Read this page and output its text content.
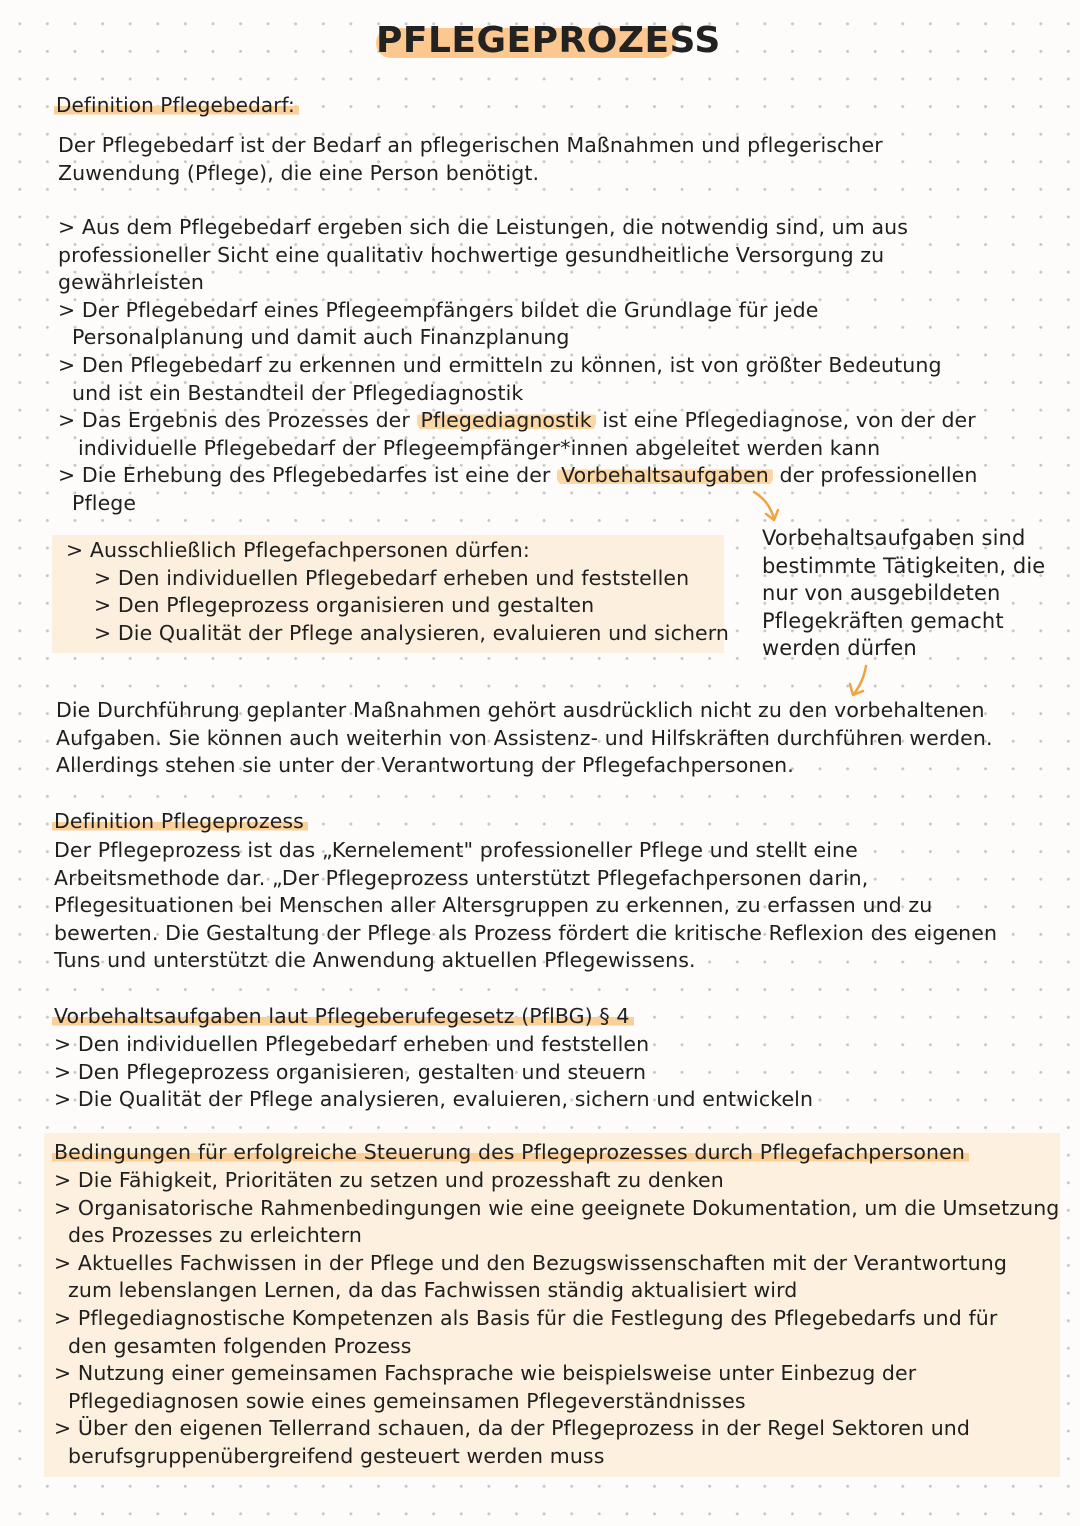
PFLEGEPROZESS
Definition Pflegebedarf:
Der Pflegebedarf ist der Bedarf an pflegerischen Maßnahmen und pflegerischer
Zuwendung (Pflege), die eine Person benötigt.
> Aus dem Pflegebedarf ergeben sich die Leistungen, die notwendig sind, um aus
professioneller Sicht eine qualitativ hochwertige gesundheitliche Versorgung zu
gewährleisten
> Der Pflegebedarf eines Pflegeempfängers bildet die Grundlage für jede
Personalplanung und damit auch Finanzplanung
> Den Pflegebedarf zu erkennen und ermitteln zu können, ist von größter Bedeutung
und ist ein Bestandteil der Pflegediagnostik
> Das Ergebnis des Prozesses der Pflegediagnostik ist eine Pflegediagnose, von der der
individuelle Pflegebedarf der Pflegeempfänger*innen abgeleitet werden kann
> Die Erhebung des Pflegebedarfes ist eine der Vorbehaltsaufgaben der professionellen
Pflege
> Ausschließlich Pflegefachpersonen dürfen:
> Den individuellen Pflegebedarf erheben und feststellen
> Den Pflegeprozess organisieren und gestalten
> Die Qualität der Pflege analysieren, evaluieren und sichern
Vorbehaltsaufgaben sind
bestimmte Tätigkeiten, die
nur von ausgebildeten
Pflegekräften gemacht
werden dürfen
Die Durchführung geplanter Maßnahmen gehört ausdrücklich nicht zu den vorbehaltenen
Aufgaben. Sie können auch weiterhin von Assistenz- und Hilfskräften durchführen werden.
Allerdings stehen sie unter der Verantwortung der Pflegefachpersonen.
Definition Pflegeprozess
Der Pflegeprozess ist das „Kernelement" professioneller Pflege und stellt eine
Arbeitsmethode dar. „Der Pflegeprozess unterstützt Pflegefachpersonen darin,
Pflegesituationen bei Menschen aller Altersgruppen zu erkennen, zu erfassen und zu
bewerten. Die Gestaltung der Pflege als Prozess fördert die kritische Reflexion des eigenen
Tuns und unterstützt die Anwendung aktuellen Pflegewissens.
Vorbehaltsaufgaben laut Pflegeberufegesetz (PflBG) § 4
> Den individuellen Pflegebedarf erheben und feststellen
> Den Pflegeprozess organisieren, gestalten und steuern
> Die Qualität der Pflege analysieren, evaluieren, sichern und entwickeln
Bedingungen für erfolgreiche Steuerung des Pflegeprozesses durch Pflegefachpersonen
> Die Fähigkeit, Prioritäten zu setzen und prozesshaft zu denken
> Organisatorische Rahmenbedingungen wie eine geeignete Dokumentation, um die Umsetzung
des Prozesses zu erleichtern
> Aktuelles Fachwissen in der Pflege und den Bezugswissenschaften mit der Verantwortung
zum lebenslangen Lernen, da das Fachwissen ständig aktualisiert wird
> Pflegediagnostische Kompetenzen als Basis für die Festlegung des Pflegebedarfs und für
den gesamten folgenden Prozess
> Nutzung einer gemeinsamen Fachsprache wie beispielsweise unter Einbezug der
Pflegediagnosen sowie eines gemeinsamen Pflegeverständnisses
> Über den eigenen Tellerrand schauen, da der Pflegeprozess in der Regel Sektoren und
berufsgruppenübergreifend gesteuert werden muss
